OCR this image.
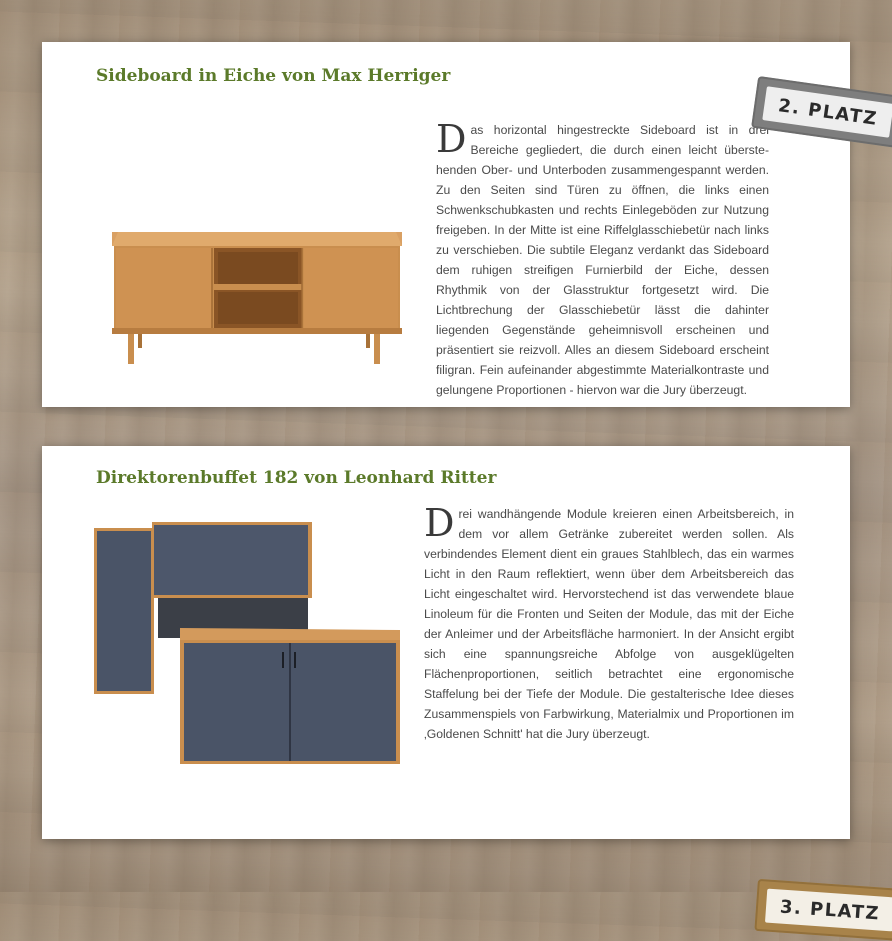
Sideboard in Eiche von Max Herriger

Das horizontal hingestreckte Sideboard ist in drei Bereiche gegliedert, die durch einen leicht überstehenden Ober- und Unterboden zusammengespannt werden. Zu den Seiten sind Türen zu öffnen, die links einen Schwenkschubkasten und rechts Einlegeböden zur Nutzung freigeben. In der Mitte ist eine Riffelglasschiebetür nach links zu verschieben. Die subtile Eleganz verdankt das Sideboard dem ruhigen streifigen Furnierbild der Eiche, dessen Rhythmik von der Glasstruktur fortgesetzt wird. Die Lichtbrechung der Glasschiebetür lässt die dahinter liegenden Gegenstände geheimnisvoll erscheinen und präsentiert sie reizvoll. Alles an diesem Sideboard erscheint filigran. Fein aufeinander abgestimmte Materialkontraste und gelungene Proportionen - hiervon war die Jury überzeugt.

2. PLATZ
Direktorenbuffet 182 von Leonhard Ritter

Drei wandhängende Module kreieren einen Arbeitsbereich, in dem vor allem Getränke zubereitet werden sollen. Als verbindendes Element dient ein graues Stahlblech, das ein warmes Licht in den Raum reflektiert, wenn über dem Arbeitsbereich das Licht eingeschaltet wird. Hervorstechend ist das verwendete blaue Linoleum für die Fronten und Seiten der Module, das mit der Eiche der Anleimer und der Arbeitsfläche harmoniert. In der Ansicht ergibt sich eine spannungsreiche Abfolge von ausgeklügelten Flächenproportionen, seitlich betrachtet eine ergonomische Staffelung bei der Tiefe der Module. Die gestalterische Idee dieses Zusammenspiels von Farbwirkung, Materialmix und Proportionen im ‚Goldenen Schnitt' hat die Jury überzeugt.

3. PLATZ
